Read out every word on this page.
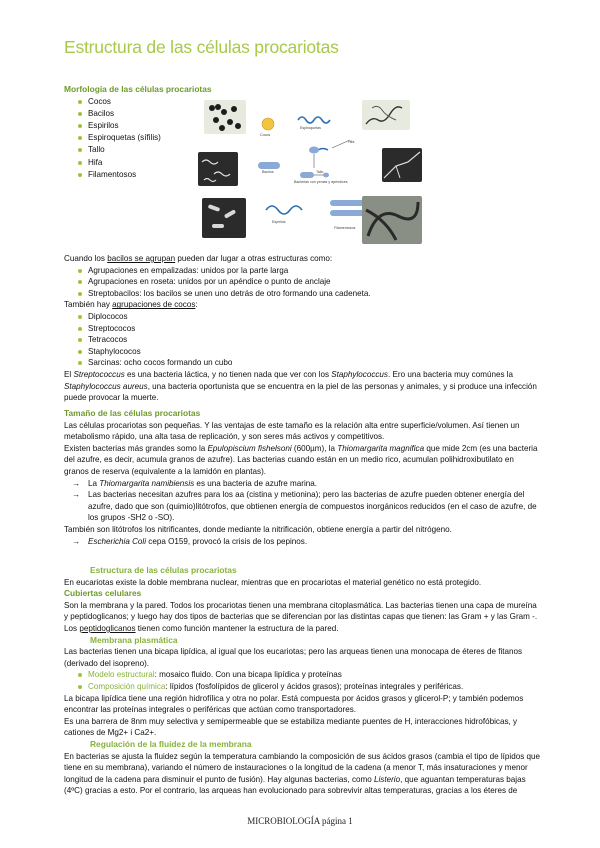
Estructura de las células procariotas
Morfología de las células procariotas
Cocos
Bacilos
Espirilos
Espiroquetas (sífilis)
Tallo
Hifa
Filamentosos
Cocos
Espiroquetas
Hifa
Tallo
Bacilos
Bacterias con yemas y apéndices
Espirilos
Filamentosos
Cuando los bacilos se agrupan pueden dar lugar a otras estructuras como:
Agrupaciones en empalizadas: unidos por la parte larga
Agrupaciones en roseta: unidos por un apéndice o punto de anclaje
Streptobacilos: los bacilos se unen uno detrás de otro formando una cadeneta.
También hay agrupaciones de cocos:
Diplococos
Streptococos
Tetracocos
Staphylococos
Sarcinas: ocho cocos formando un cubo
El Streptococcus es una bacteria láctica, y no tienen nada que ver con los Staphylococcus. Ero una bacteria muy comúnes la
Staphylococcus aureus, una bacteria oportunista que se encuentra en la piel de las personas y animales, y si produce una infección
puede provocar la muerte.
Tamaño de las células procariotas
Las células procariotas son pequeñas. Y las ventajas de este tamaño es la relación alta entre superficie/volumen. Así tienen un
metabolismo rápido, una alta tasa de replicación, y son seres más activos y competitivos.
Existen bacterias más grandes somo la Epulopiscium fishelsoni (600µm), la Thiomargarita magnifica que mide 2cm (es una bacteria
del azufre, es decir, acumula granos de azufre). Las bacterias cuando están en un medio rico, acumulan polihidroxibutilato en
granos de reserva (equivalente a la lamidón en plantas).
→ La Thiomargarita namibiensis es una bacteria de azufre marina.
→ Las bacterias necesitan azufres para los aa (cistina y metionina); pero las bacterias de azufre pueden obtener energía del
azufre, dado que son (quimio)litótrofos, que obtienen energía de compuestos inorgánicos reducidos (en el caso de azufre, de
los grupos -SH2 o -SO).
También son litótrofos los nitrificantes, donde mediante la nitrificación, obtiene energía a partir del nitrógeno.
→ Escherichia Coli cepa O159, provocó la crisis de los pepinos.
Estructura de las células procariotas
En eucariotas existe la doble membrana nuclear, mientras que en procariotas el material genético no está protegido.
Cubiertas celulares
Son la membrana y la pared. Todos los procariotas tienen una membrana citoplasmática. Las bacterias tienen una capa de mureína
y peptidoglicanos; y luego hay dos tipos de bacterias que se diferencian por las distintas capas que tienen: las Gram + y las Gram -.
Los peptidoglicanos tienen como función mantener la estructura de la pared.
Membrana plasmática
Las bacterias tienen una bicapa lipídica, al igual que los eucariotas; pero las arqueas tienen una monocapa de éteres de fitanos
(derivado del isopreno).
Modelo estructural: mosaico fluido. Con una bicapa lipídica y proteínas
Composición química: lípidos (fosfolípidos de glicerol y ácidos grasos); proteínas integrales y periféricas.
La bicapa lipídica tiene una región hidrofílica y otra no polar. Está compuesta por ácidos grasos y glicerol-P; y también podemos
encontrar las proteínas integrales o periféricas que actúan como transportadores.
Es una barrera de 8nm muy selectiva y semipermeable que se estabiliza mediante puentes de H, interacciones hidrofóbicas, y
cationes de Mg2+ i Ca2+.
Regulación de la fluidez de la membrana
En bacterias se ajusta la fluidez según la temperatura cambiando la composición de sus ácidos grasos (cambia el tipo de lípidos que
tiene en su membrana), variando el número de instauraciones o la longitud de la cadena (a menor T, más insaturaciones y menor
longitud de la cadena para disminuir el punto de fusión). Hay algunas bacterias, como Listerio, que aguantan temperaturas bajas
(4ºC) gracias a esto. Por el contrario, las arqueas han evolucionado para sobrevivir altas temperaturas, gracias a los éteres de
MICROBIOLOGÍA página 1
